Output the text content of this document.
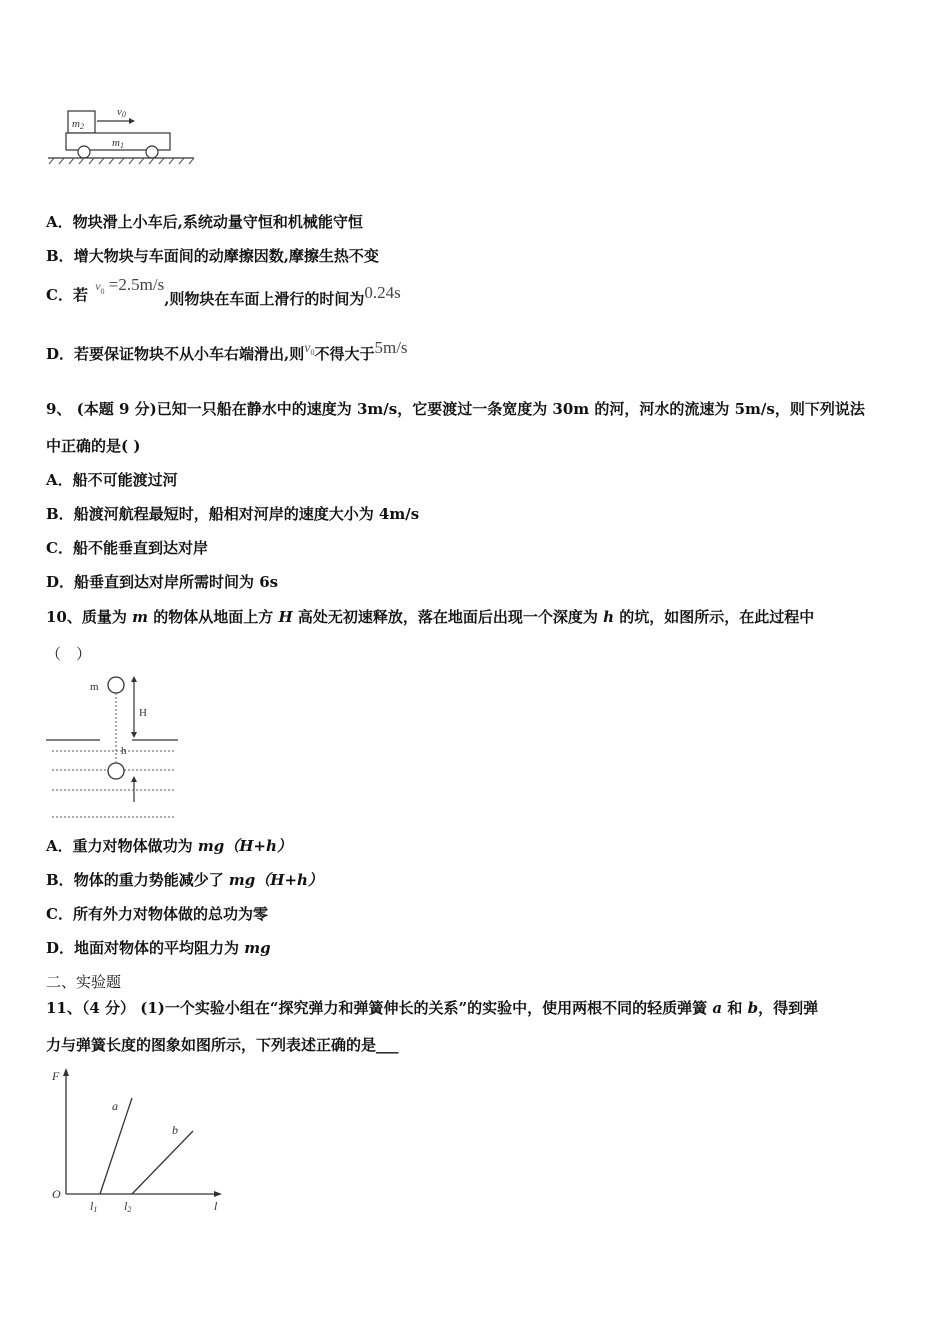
m2
m1
v0
A．物块滑上小车后,系统动量守恒和机械能守恒
B．增大物块与车面间的动摩擦因数,摩擦生热不变
C．若 $^{v0}$ =2.5m/s,则物块在车面上滑行的时间为0.24s
D．若要保证物块不从小车右端滑出,则$v^0$不得大于5m/s
9、 (本题 9 分)已知一只船在静水中的速度为 3m/s，它要渡过一条宽度为 30m 的河，河水的流速为 5m/s，则下列说法
中正确的是( )
A．船不可能渡过河
B．船渡河航程最短时，船相对河岸的速度大小为 4m/s
C．船不能垂直到达对岸
D．船垂直到达对岸所需时间为 6s
10、质量为 m 的物体从地面上方 H 高处无初速释放，落在地面后出现一个深度为 h 的坑，如图所示，在此过程中
（　）
m
H
h
A．重力对物体做功为 mg（H+h）
B．物体的重力势能减少了 mg（H+h）
C．所有外力对物体做的总功为零
D．地面对物体的平均阻力为 mg
二、实验题
11、（4 分） (1)一个实验小组在“探究弹力和弹簧伸长的关系”的实验中，使用两根不同的轻质弹簧 a 和 b，得到弹
力与弹簧长度的图象如图所示，下列表述正确的是___
F
l
O
a
b
l1 l2
